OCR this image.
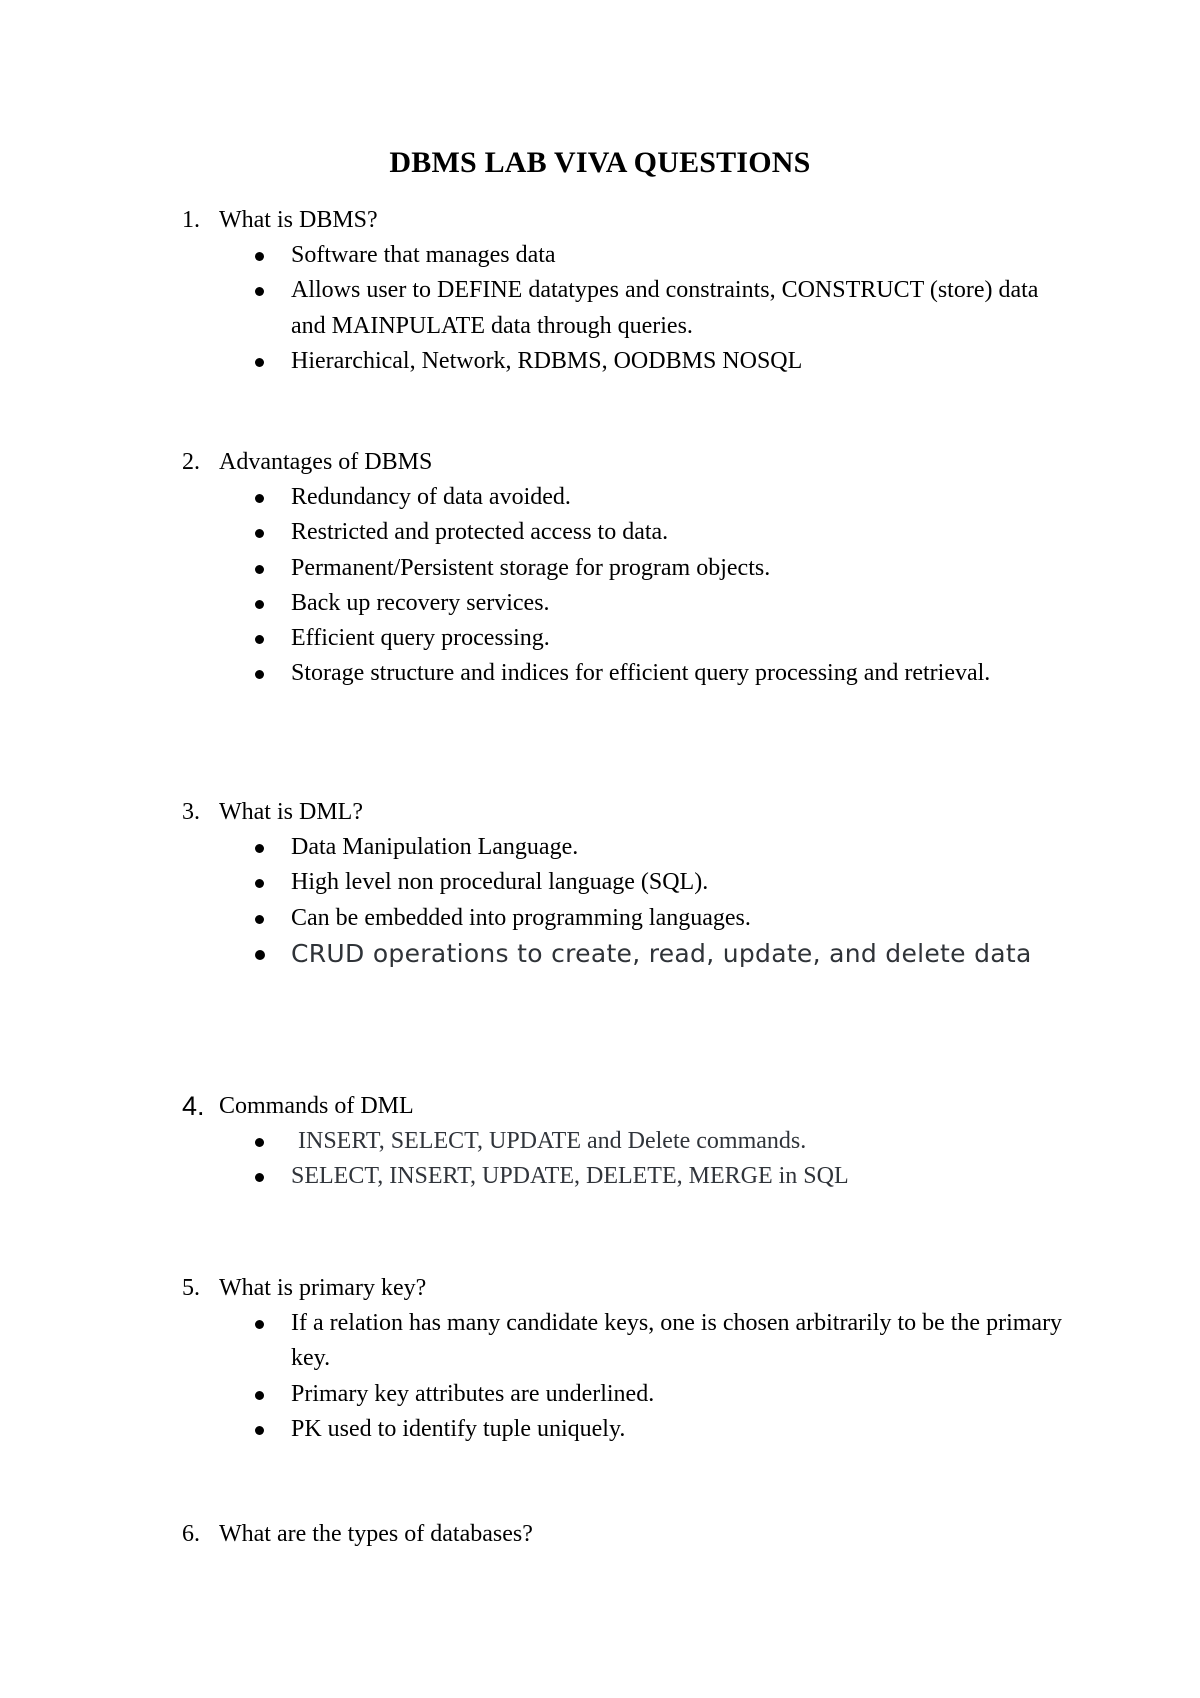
DBMS LAB VIVA QUESTIONS
1. What is DBMS?
Software that manages data
Allows user to DEFINE datatypes and constraints, CONSTRUCT (store) data and MAINPULATE data through queries.
Hierarchical, Network, RDBMS, OODBMS NOSQL
2. Advantages of DBMS
Redundancy of data avoided.
Restricted and protected access to data.
Permanent/Persistent storage for program objects.
Back up recovery services.
Efficient query processing.
Storage structure and indices for efficient query processing and retrieval.
3. What is DML?
Data Manipulation Language.
High level non procedural language (SQL).
Can be embedded into programming languages.
CRUD operations to create, read, update, and delete data
4. Commands of DML
INSERT, SELECT, UPDATE and Delete commands.
SELECT, INSERT, UPDATE, DELETE, MERGE in SQL
5. What is primary key?
If a relation has many candidate keys, one is chosen arbitrarily to be the primary key.
Primary key attributes are underlined.
PK used to identify tuple uniquely.
6. What are the types of databases?
